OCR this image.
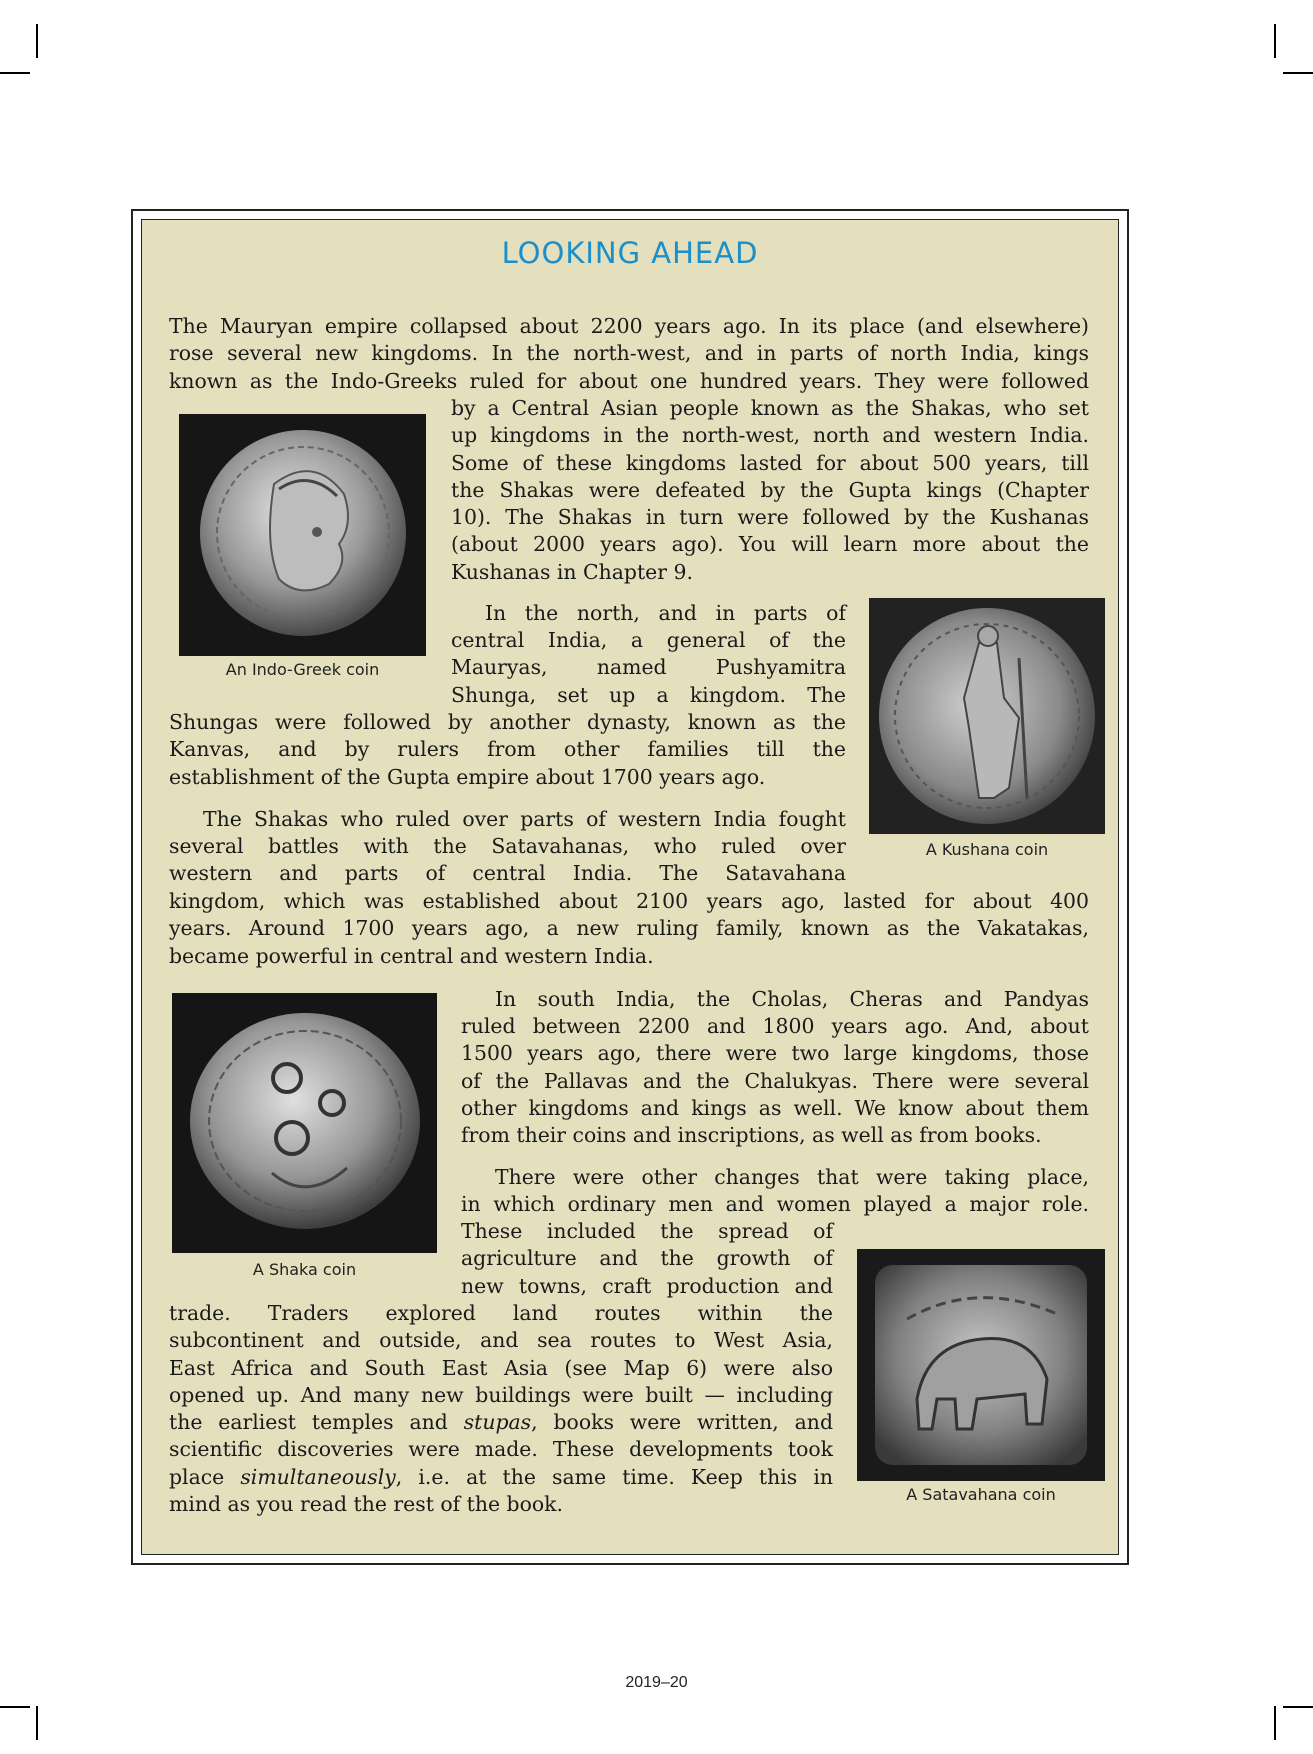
LOOKING AHEAD
The Mauryan empire collapsed about 2200 years ago. In its place (and elsewhere)
rose several new kingdoms. In the north-west, and in parts of north India, kings
known as the Indo-Greeks ruled for about one hundred years. They were followed
by a Central Asian people known as the Shakas, who set
up kingdoms in the north-west, north and western India.
Some of these kingdoms lasted for about 500 years, till
the Shakas were defeated by the Gupta kings (Chapter
10). The Shakas in turn were followed by the Kushanas
(about 2000 years ago). You will learn more about the
Kushanas in Chapter 9.
An Indo-Greek coin
In the north, and in parts of
central India, a general of the
Mauryas, named Pushyamitra
Shunga, set up a kingdom. The
Shungas were followed by another dynasty, known as the
Kanvas, and by rulers from other families till the
establishment of the Gupta empire about 1700 years ago.
A Kushana coin
The Shakas who ruled over parts of western India fought
several battles with the Satavahanas, who ruled over
western and parts of central India. The Satavahana
kingdom, which was established about 2100 years ago, lasted for about 400
years. Around 1700 years ago, a new ruling family, known as the Vakatakas,
became powerful in central and western India.
A Shaka coin
In south India, the Cholas, Cheras and Pandyas
ruled between 2200 and 1800 years ago. And, about
1500 years ago, there were two large kingdoms, those
of the Pallavas and the Chalukyas. There were several
other kingdoms and kings as well. We know about them
from their coins and inscriptions, as well as from books.
There were other changes that were taking place,
in which ordinary men and women played a major role.
These included the spread of
agriculture and the growth of
new towns, craft production and
trade. Traders explored land routes within the
subcontinent and outside, and sea routes to West Asia,
East Africa and South East Asia (see Map 6) were also
opened up. And many new buildings were built — including
the earliest temples and stupas, books were written, and
scientific discoveries were made. These developments took
place simultaneously, i.e. at the same time. Keep this in
mind as you read the rest of the book.	A Satavahana coin
2019–20
